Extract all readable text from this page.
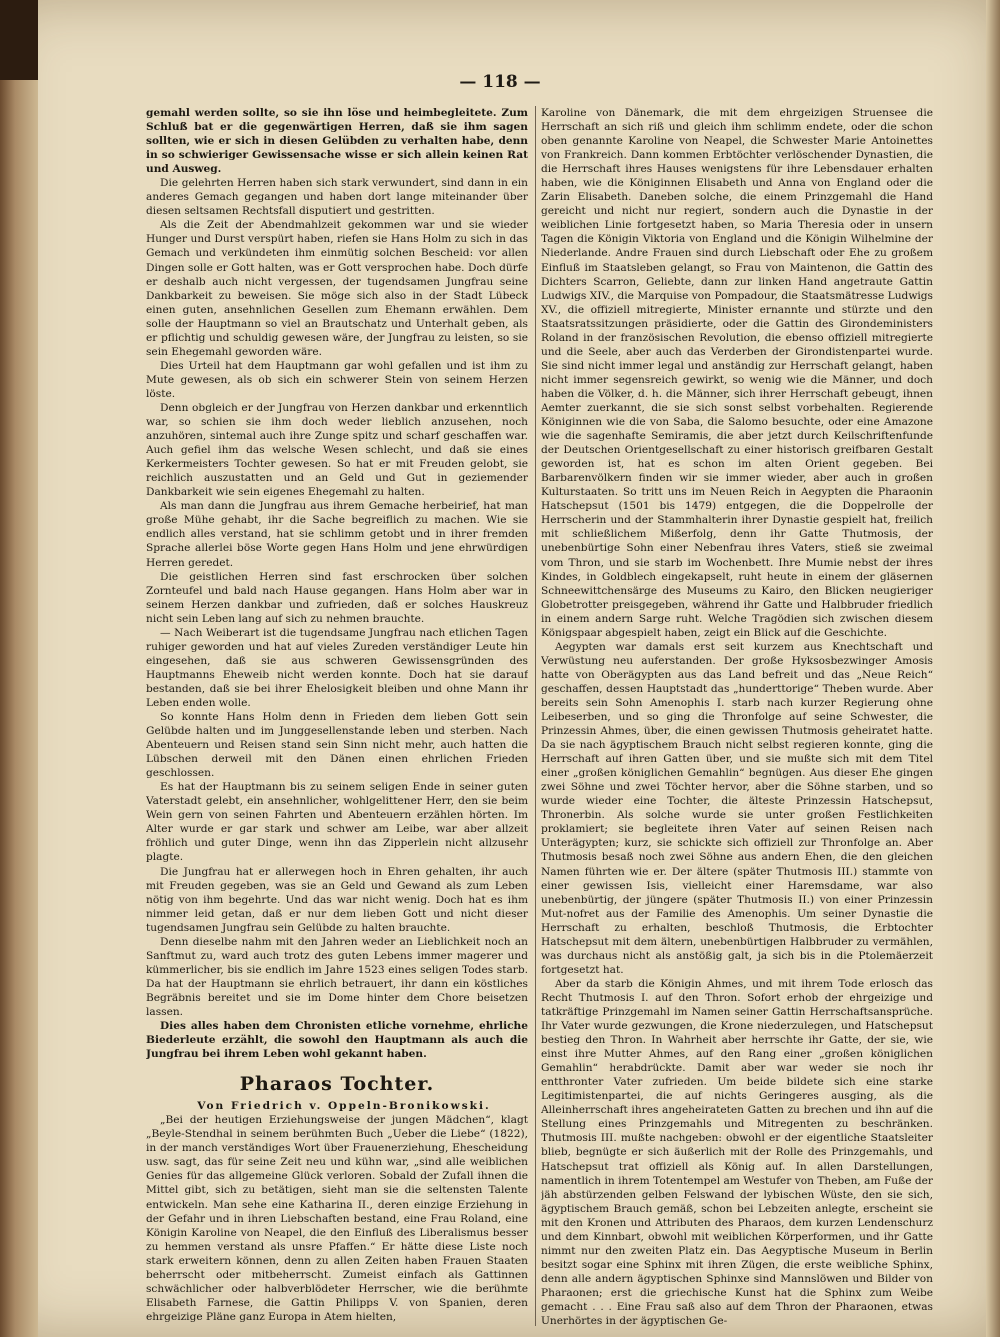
— 118 —

gemahl werden sollte, so sie ihn löse und heimbegleitete. Zum Schluß bat er die gegenwärtigen Herren, daß sie ihm sagen sollten, wie er sich in diesen Gelübden zu verhalten habe, denn in so schwieriger Gewissensache wisse er sich allein keinen Rat und Ausweg.

Die gelehrten Herren haben sich stark verwundert, sind dann in ein anderes Gemach gegangen und haben dort lange miteinander über diesen seltsamen Rechtsfall disputiert und gestritten.

Als die Zeit der Abendmahlzeit gekommen war und sie wieder Hunger und Durst verspürt haben, riefen sie Hans Holm zu sich in das Gemach und verkündeten ihm einmütig solchen Bescheid: vor allen Dingen solle er Gott halten, was er Gott versprochen habe. Doch dürfe er deshalb auch nicht vergessen, der tugendsamen Jungfrau seine Dankbarkeit zu beweisen. Sie möge sich also in der Stadt Lübeck einen guten, ansehnlichen Gesellen zum Ehemann erwählen. Dem solle der Hauptmann so viel an Brautschatz und Unterhalt geben, als er pflichtig und schuldig gewesen wäre, der Jungfrau zu leisten, so sie sein Ehegemahl geworden wäre.

Dies Urteil hat dem Hauptmann gar wohl gefallen und ist ihm zu Mute gewesen, als ob sich ein schwerer Stein von seinem Herzen löste.

Denn obgleich er der Jungfrau von Herzen dankbar und erkenntlich war, so schien sie ihm doch weder lieblich anzusehen, noch anzuhören, sintemal auch ihre Zunge spitz und scharf geschaffen war. Auch gefiel ihm das welsche Wesen schlecht, und daß sie eines Kerkermeisters Tochter gewesen. So hat er mit Freuden gelobt, sie reichlich auszustatten und an Geld und Gut in geziemender Dankbarkeit wie sein eigenes Ehegemahl zu halten.

Als man dann die Jungfrau aus ihrem Gemache herbeirief, hat man große Mühe gehabt, ihr die Sache begreiflich zu machen. Wie sie endlich alles verstand, hat sie schlimm getobt und in ihrer fremden Sprache allerlei böse Worte gegen Hans Holm und jene ehrwürdigen Herren geredet.

Die geistlichen Herren sind fast erschrocken über solchen Zornteufel und bald nach Hause gegangen. Hans Holm aber war in seinem Herzen dankbar und zufrieden, daß er solches Hauskreuz nicht sein Leben lang auf sich zu nehmen brauchte.

— Nach Weiberart ist die tugendsame Jungfrau nach etlichen Tagen ruhiger geworden und hat auf vieles Zureden verständiger Leute hin eingesehen, daß sie aus schweren Gewissensgründen des Hauptmanns Eheweib nicht werden konnte. Doch hat sie darauf bestanden, daß sie bei ihrer Ehelosigkeit bleiben und ohne Mann ihr Leben enden wolle.

So konnte Hans Holm denn in Frieden dem lieben Gott sein Gelübde halten und im Junggesellenstande leben und sterben. Nach Abenteuern und Reisen stand sein Sinn nicht mehr, auch hatten die Lübschen derweil mit den Dänen einen ehrlichen Frieden geschlossen.

Es hat der Hauptmann bis zu seinem seligen Ende in seiner guten Vaterstadt gelebt, ein ansehnlicher, wohlgelittener Herr, den sie beim Wein gern von seinen Fahrten und Abenteuern erzählen hörten. Im Alter wurde er gar stark und schwer am Leibe, war aber allzeit fröhlich und guter Dinge, wenn ihn das Zipperlein nicht allzusehr plagte.

Die Jungfrau hat er allerwegen hoch in Ehren gehalten, ihr auch mit Freuden gegeben, was sie an Geld und Gewand als zum Leben nötig von ihm begehrte. Und das war nicht wenig. Doch hat es ihm nimmer leid getan, daß er nur dem lieben Gott und nicht dieser tugendsamen Jungfrau sein Gelübde zu halten brauchte.

Denn dieselbe nahm mit den Jahren weder an Lieblichkeit noch an Sanftmut zu, ward auch trotz des guten Lebens immer magerer und kümmerlicher, bis sie endlich im Jahre 1523 eines seligen Todes starb. Da hat der Hauptmann sie ehrlich betrauert, ihr dann ein köstliches Begräbnis bereitet und sie im Dome hinter dem Chore beisetzen lassen.

Dies alles haben dem Chronisten etliche vornehme, ehrliche Biederleute erzählt, die sowohl den Hauptmann als auch die Jungfrau bei ihrem Leben wohl gekannt haben.

Pharaos Tochter.

Von Friedrich v. Oppeln-Bronikowski.

„Bei der heutigen Erziehungsweise der jungen Mädchen“, klagt „Beyle-Stendhal in seinem berühmten Buch „Ueber die Liebe“ (1822), in der manch verständiges Wort über Frauenerziehung, Ehescheidung usw. sagt, das für seine Zeit neu und kühn war, „sind alle weiblichen Genies für das allgemeine Glück verloren. Sobald der Zufall ihnen die Mittel gibt, sich zu betätigen, sieht man sie die seltensten Talente entwickeln. Man sehe eine Katharina II., deren einzige Erziehung in der Gefahr und in ihren Liebschaften bestand, eine Frau Roland, eine Königin Karoline von Neapel, die den Einfluß des Liberalismus besser zu hemmen verstand als unsre Pfaffen.“ Er hätte diese Liste noch stark erweitern können, denn zu allen Zeiten haben Frauen Staaten beherrscht oder mitbeherrscht. Zumeist einfach als Gattinnen schwächlicher oder halbverblödeter Herrscher, wie die berühmte Elisabeth Farnese, die Gattin Philipps V. von Spanien, deren ehrgeizige Pläne ganz Europa in Atem hielten,

Karoline von Dänemark, die mit dem ehrgeizigen Struensee die Herrschaft an sich riß und gleich ihm schlimm endete, oder die schon oben genannte Karoline von Neapel, die Schwester Marie Antoinettes von Frankreich. Dann kommen Erbtöchter verlöschender Dynastien, die die Herrschaft ihres Hauses wenigstens für ihre Lebensdauer erhalten haben, wie die Königinnen Elisabeth und Anna von England oder die Zarin Elisabeth. Daneben solche, die einem Prinzgemahl die Hand gereicht und nicht nur regiert, sondern auch die Dynastie in der weiblichen Linie fortgesetzt haben, so Maria Theresia oder in unsern Tagen die Königin Viktoria von England und die Königin Wilhelmine der Niederlande. Andre Frauen sind durch Liebschaft oder Ehe zu großem Einfluß im Staatsleben gelangt, so Frau von Maintenon, die Gattin des Dichters Scarron, Geliebte, dann zur linken Hand angetraute Gattin Ludwigs XIV., die Marquise von Pompadour, die Staatsmätresse Ludwigs XV., die offiziell mitregierte, Minister ernannte und stürzte und den Staatsratssitzungen präsidierte, oder die Gattin des Girondeministers Roland in der französischen Revolution, die ebenso offiziell mitregierte und die Seele, aber auch das Verderben der Girondistenpartei wurde. Sie sind nicht immer legal und anständig zur Herrschaft gelangt, haben nicht immer segensreich gewirkt, so wenig wie die Männer, und doch haben die Völker, d. h. die Männer, sich ihrer Herrschaft gebeugt, ihnen Aemter zuerkannt, die sie sich sonst selbst vorbehalten. Regierende Königinnen wie die von Saba, die Salomo besuchte, oder eine Amazone wie die sagenhafte Semiramis, die aber jetzt durch Keilschriftenfunde der Deutschen Orientgesellschaft zu einer historisch greifbaren Gestalt geworden ist, hat es schon im alten Orient gegeben. Bei Barbarenvölkern finden wir sie immer wieder, aber auch in großen Kulturstaaten. So tritt uns im Neuen Reich in Aegypten die Pharaonin Hatschepsut (1501 bis 1479) entgegen, die die Doppelrolle der Herrscherin und der Stammhalterin ihrer Dynastie gespielt hat, freilich mit schließlichem Mißerfolg, denn ihr Gatte Thutmosis, der unebenbürtige Sohn einer Nebenfrau ihres Vaters, stieß sie zweimal vom Thron, und sie starb im Wochenbett. Ihre Mumie nebst der ihres Kindes, in Goldblech eingekapselt, ruht heute in einem der gläsernen Schneewittchensärge des Museums zu Kairo, den Blicken neugieriger Globetrotter preisgegeben, während ihr Gatte und Halbbruder friedlich in einem andern Sarge ruht. Welche Tragödien sich zwischen diesem Königspaar abgespielt haben, zeigt ein Blick auf die Geschichte.

Aegypten war damals erst seit kurzem aus Knechtschaft und Verwüstung neu auferstanden. Der große Hyksosbezwinger Amosis hatte von Oberägypten aus das Land befreit und das „Neue Reich“ geschaffen, dessen Hauptstadt das „hunderttorige“ Theben wurde. Aber bereits sein Sohn Amenophis I. starb nach kurzer Regierung ohne Leibeserben, und so ging die Thronfolge auf seine Schwester, die Prinzessin Ahmes, über, die einen gewissen Thutmosis geheiratet hatte. Da sie nach ägyptischem Brauch nicht selbst regieren konnte, ging die Herrschaft auf ihren Gatten über, und sie mußte sich mit dem Titel einer „großen königlichen Gemahlin“ begnügen. Aus dieser Ehe gingen zwei Söhne und zwei Töchter hervor, aber die Söhne starben, und so wurde wieder eine Tochter, die älteste Prinzessin Hatschepsut, Thronerbin. Als solche wurde sie unter großen Festlichkeiten proklamiert; sie begleitete ihren Vater auf seinen Reisen nach Unterägypten; kurz, sie schickte sich offiziell zur Thronfolge an. Aber Thutmosis besaß noch zwei Söhne aus andern Ehen, die den gleichen Namen führten wie er. Der ältere (später Thutmosis III.) stammte von einer gewissen Isis, vielleicht einer Haremsdame, war also unebenbürtig, der jüngere (später Thutmosis II.) von einer Prinzessin Mut-nofret aus der Familie des Amenophis. Um seiner Dynastie die Herrschaft zu erhalten, beschloß Thutmosis, die Erbtochter Hatschepsut mit dem ältern, unebenbürtigen Halbbruder zu vermählen, was durchaus nicht als anstößig galt, ja sich bis in die Ptolemäerzeit fortgesetzt hat.

Aber da starb die Königin Ahmes, und mit ihrem Tode erlosch das Recht Thutmosis I. auf den Thron. Sofort erhob der ehrgeizige und tatkräftige Prinzgemahl im Namen seiner Gattin Herrschaftsansprüche. Ihr Vater wurde gezwungen, die Krone niederzulegen, und Hatschepsut bestieg den Thron. In Wahrheit aber herrschte ihr Gatte, der sie, wie einst ihre Mutter Ahmes, auf den Rang einer „großen königlichen Gemahlin“ herabdrückte. Damit aber war weder sie noch ihr entthronter Vater zufrieden. Um beide bildete sich eine starke Legitimistenpartei, die auf nichts Geringeres ausging, als die Alleinherrschaft ihres angeheirateten Gatten zu brechen und ihn auf die Stellung eines Prinzgemahls und Mitregenten zu beschränken. Thutmosis III. mußte nachgeben: obwohl er der eigentliche Staatsleiter blieb, begnügte er sich äußerlich mit der Rolle des Prinzgemahls, und Hatschepsut trat offiziell als König auf. In allen Darstellungen, namentlich in ihrem Totentempel am Westufer von Theben, am Fuße der jäh abstürzenden gelben Felswand der lybischen Wüste, den sie sich, ägyptischem Brauch gemäß, schon bei Lebzeiten anlegte, erscheint sie mit den Kronen und Attributen des Pharaos, dem kurzen Lendenschurz und dem Kinnbart, obwohl mit weiblichen Körperformen, und ihr Gatte nimmt nur den zweiten Platz ein. Das Aegyptische Museum in Berlin besitzt sogar eine Sphinx mit ihren Zügen, die erste weibliche Sphinx, denn alle andern ägyptischen Sphinxe sind Mannslöwen und Bilder von Pharaonen; erst die griechische Kunst hat die Sphinx zum Weibe gemacht . . . Eine Frau saß also auf dem Thron der Pharaonen, etwas Unerhörtes in der ägyptischen Ge-
